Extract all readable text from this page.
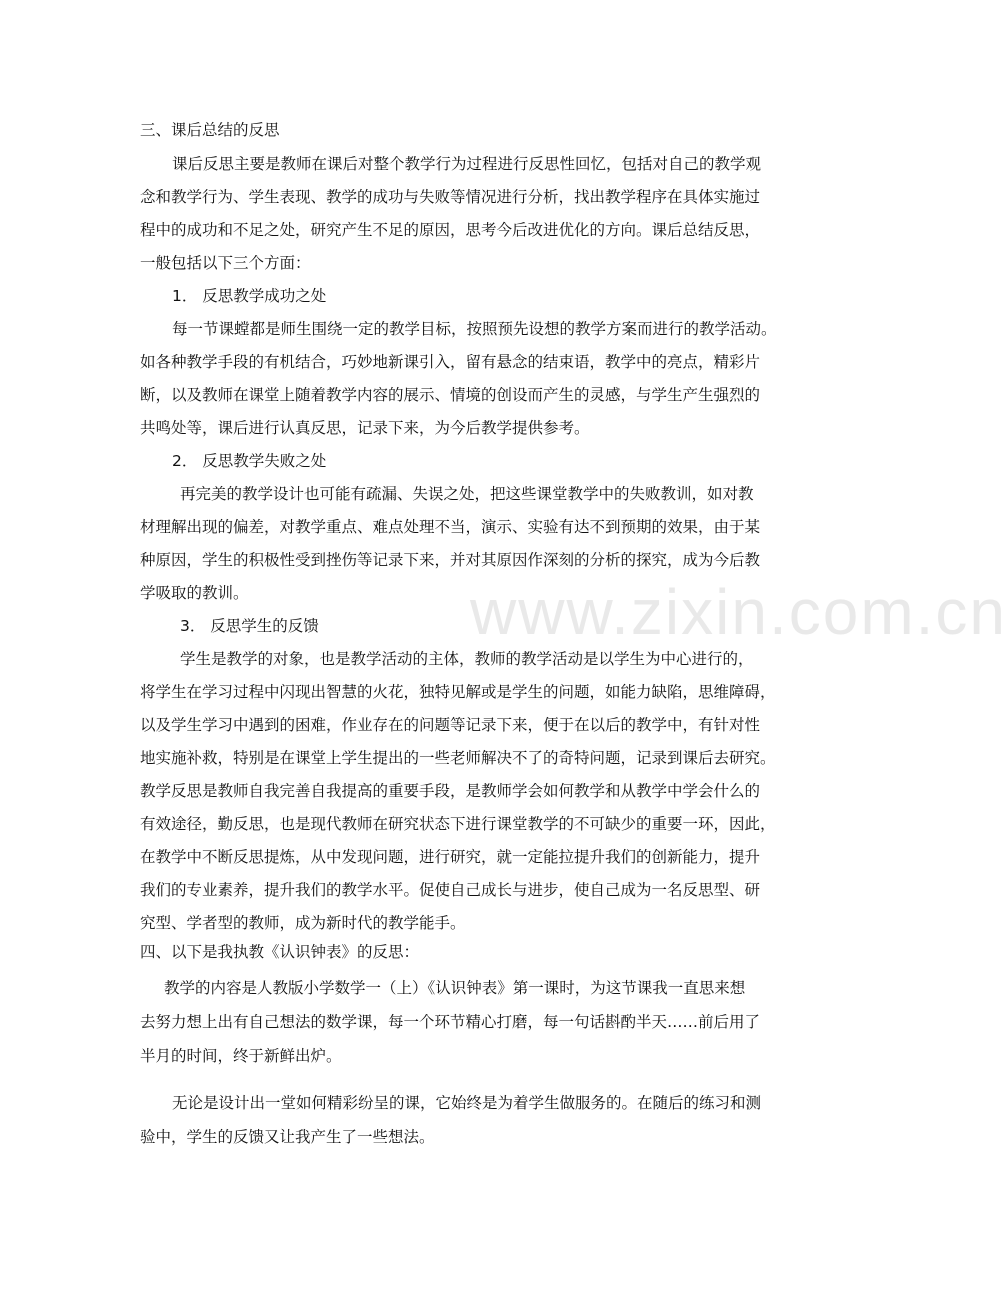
www.zixin.com.cn
三、课后总结的反思
课后反思主要是教师在课后对整个教学行为过程进行反思性回忆，包括对自己的教学观
念和教学行为、学生表现、教学的成功与失败等情况进行分析，找出教学程序在具体实施过
程中的成功和不足之处，研究产生不足的原因，思考今后改进优化的方向。课后总结反思，
一般包括以下三个方面：
1． 反思教学成功之处
每一节课螳都是师生围绕一定的教学目标，按照预先设想的教学方案而进行的教学活动。
如各种教学手段的有机结合，巧妙地新课引入，留有悬念的结束语，教学中的亮点，精彩片
断，以及教师在课堂上随着教学内容的展示、情境的创设而产生的灵感，与学生产生强烈的
共鸣处等，课后进行认真反思，记录下来，为今后教学提供参考。
2． 反思教学失败之处
再完美的教学设计也可能有疏漏、失误之处，把这些课堂教学中的失败教训，如对教
材理解出现的偏差，对教学重点、难点处理不当，演示、实验有达不到预期的效果，由于某
种原因，学生的积极性受到挫伤等记录下来，并对其原因作深刻的分析的探究，成为今后教
学吸取的教训。
3． 反思学生的反馈
学生是教学的对象，也是教学活动的主体，教师的教学活动是以学生为中心进行的，
将学生在学习过程中闪现出智慧的火花，独特见解或是学生的问题，如能力缺陷，思维障碍，
以及学生学习中遇到的困难，作业存在的问题等记录下来，便于在以后的教学中，有针对性
地实施补救，特别是在课堂上学生提出的一些老师解决不了的奇特问题，记录到课后去研究。
教学反思是教师自我完善自我提高的重要手段，是教师学会如何教学和从教学中学会什么的
有效途径，勤反思，也是现代教师在研究状态下进行课堂教学的不可缺少的重要一环，因此，
在教学中不断反思提炼，从中发现问题，进行研究，就一定能拉提升我们的创新能力，提升
我们的专业素养，提升我们的教学水平。促使自己成长与进步，使自己成为一名反思型、研
究型、学者型的教师，成为新时代的教学能手。
四、以下是我执教《认识钟表》的反思：
教学的内容是人教版小学数学一（上）《认识钟表》第一课时，为这节课我一直思来想
去努力想上出有自己想法的数学课，每一个环节精心打磨，每一句话斟酌半天……前后用了
半月的时间，终于新鲜出炉。
无论是设计出一堂如何精彩纷呈的课，它始终是为着学生做服务的。在随后的练习和测
验中，学生的反馈又让我产生了一些想法。
